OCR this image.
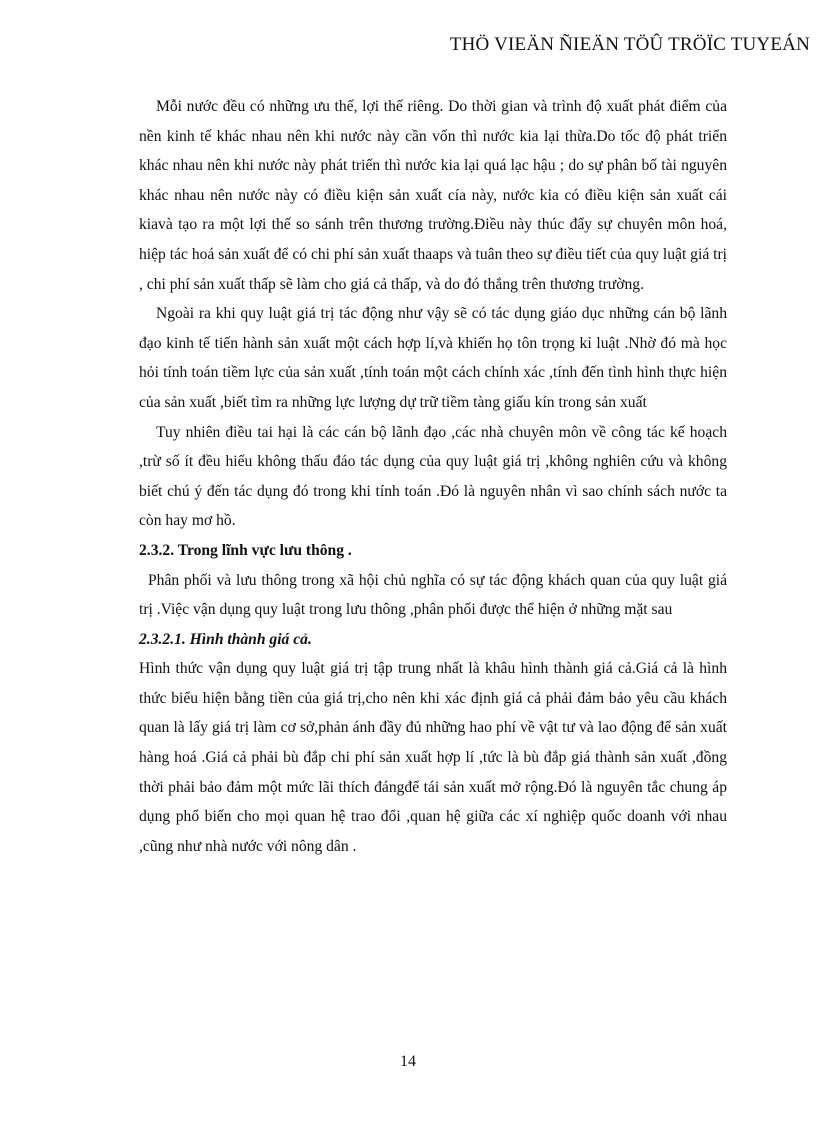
THÖ VIEÄN ÑIEÄN TÖÛ TRÖÏC TUYEÁN

Mỗi nước đều có những ưu thế, lợi thế riêng. Do thời gian và trình độ xuất phát điểm của nền kinh tế khác nhau nên khi nước này cần vốn thì nước kia lại thừa.Do tốc độ phát triển khác nhau nên khi nước này phát triển thì nước kia lại quá lạc hậu ; do sự phân bố tài nguyên khác nhau nên nước này có điều kiện sản xuất cía này, nước kia có điều kiện sản xuất cái kiavà tạo ra một lợi thế so sánh trên thương trường.Điều này thúc đẩy sự chuyên môn hoá, hiệp tác hoá sản xuất để có chi phí sản xuất thaaps và tuân theo sự điều tiết của quy luật giá trị , chi phí sản xuất thấp sẽ làm cho giá cả thấp, và do đó thắng trên thương trường.

Ngoài ra khi quy luật giá trị tác động như vậy sẽ có tác dụng giáo dục những cán bộ lãnh đạo kinh tế tiến hành sản xuất một cách hợp lí,và khiến họ tôn trọng kỉ luật .Nhờ đó mà học hỏi tính toán tiềm lực của sản xuất ,tính toán một cách chính xác ,tính đến tình hình thực hiện của sản xuất ,biết tìm ra những lực lượng dự trữ tiềm tàng giấu kín trong sản xuất

Tuy nhiên điều tai hại là các cán bộ lãnh đạo ,các nhà chuyên môn về công tác kế hoạch ,trừ số ít đều hiểu không thấu đáo tác dụng của quy luật giá trị ,không nghiên cứu và không biết chú ý đến tác dụng đó trong khi tính toán .Đó là nguyên nhân vì sao chính sách nước ta còn hay mơ hồ.

2.3.2. Trong lĩnh vực lưu thông .

Phân phối và lưu thông trong xã hội chủ nghĩa có sự tác động khách quan của quy luật giá trị .Việc vận dụng quy luật trong lưu thông ,phân phối được thể hiện ở những mặt sau

2.3.2.1. Hình thành giá cả.

Hình thức vận dụng quy luật giá trị tập trung nhất là khâu hình thành giá cả.Giá cả là hình thức biểu hiện bằng tiền của giá trị,cho nên khi xác định giá cả phải đảm bảo yêu cầu khách quan là lấy giá trị làm cơ sở,phản ánh đầy đủ những hao phí về vật tư và lao động để sản xuất hàng hoá .Giá cả phải bù đắp chi phí sản xuất hợp lí ,tức là bù đắp giá thành sản xuất ,đồng thời phải bảo đảm một mức lãi thích đángđể tái sản xuất mở rộng.Đó là nguyên tắc chung áp dụng phổ biến cho mọi quan hệ trao đổi ,quan hệ giữa các xí nghiệp quốc doanh với nhau ,cũng như nhà nước với nông dân .

14
